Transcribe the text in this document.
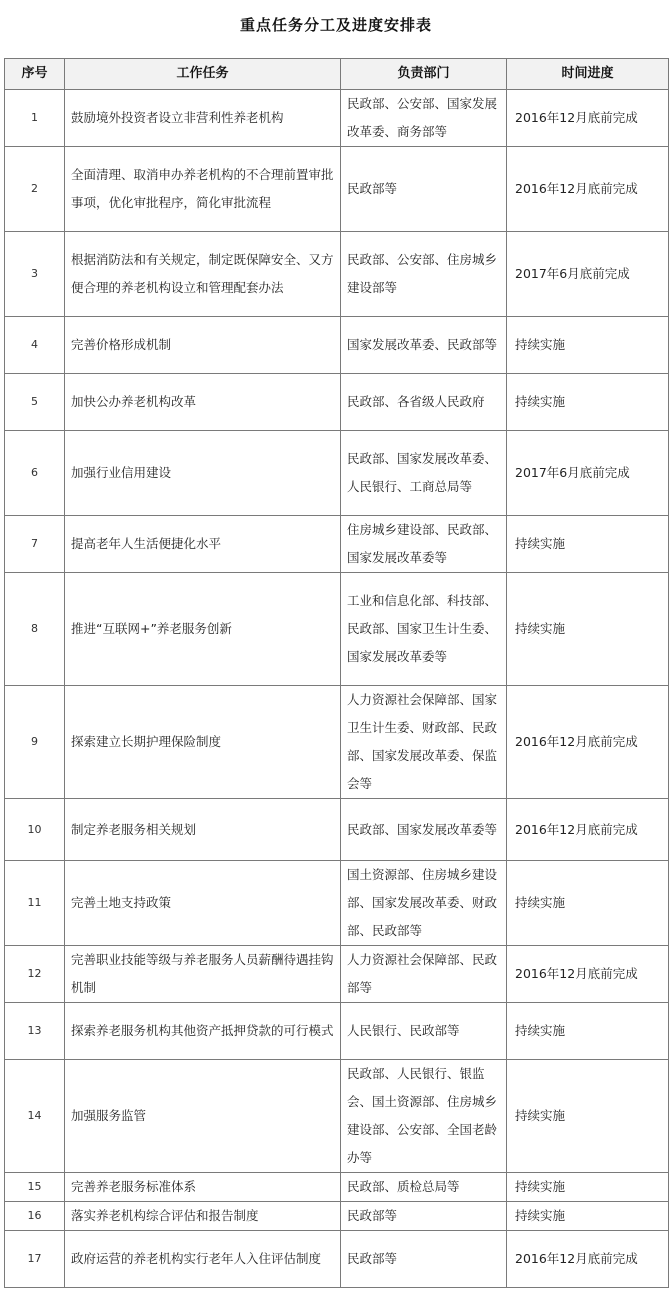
重点任务分工及进度安排表
序号	工作任务	负责部门	时间进度
1	鼓励境外投资者设立非营利性养老机构	民政部、公安部、国家发展改革委、商务部等	2016年12月底前完成
2	全面清理、取消申办养老机构的不合理前置审批事项，优化审批程序，简化审批流程	民政部等	2016年12月底前完成
3	根据消防法和有关规定，制定既保障安全、又方便合理的养老机构设立和管理配套办法	民政部、公安部、住房城乡建设部等	2017年6月底前完成
4	完善价格形成机制	国家发展改革委、民政部等	持续实施
5	加快公办养老机构改革	民政部、各省级人民政府	持续实施
6	加强行业信用建设	民政部、国家发展改革委、人民银行、工商总局等	2017年6月底前完成
7	提高老年人生活便捷化水平	住房城乡建设部、民政部、国家发展改革委等	持续实施
8	推进“互联网+”养老服务创新	工业和信息化部、科技部、民政部、国家卫生计生委、国家发展改革委等	持续实施
9	探索建立长期护理保险制度	人力资源社会保障部、国家卫生计生委、财政部、民政部、国家发展改革委、保监会等	2016年12月底前完成
10	制定养老服务相关规划	民政部、国家发展改革委等	2016年12月底前完成
11	完善土地支持政策	国土资源部、住房城乡建设部、国家发展改革委、财政部、民政部等	持续实施
12	完善职业技能等级与养老服务人员薪酬待遇挂钩机制	人力资源社会保障部、民政部等	2016年12月底前完成
13	探索养老服务机构其他资产抵押贷款的可行模式	人民银行、民政部等	持续实施
14	加强服务监管	民政部、人民银行、银监会、国土资源部、住房城乡建设部、公安部、全国老龄办等	持续实施
15	完善养老服务标准体系	民政部、质检总局等	持续实施
16	落实养老机构综合评估和报告制度	民政部等	持续实施
17	政府运营的养老机构实行老年人入住评估制度	民政部等	2016年12月底前完成
